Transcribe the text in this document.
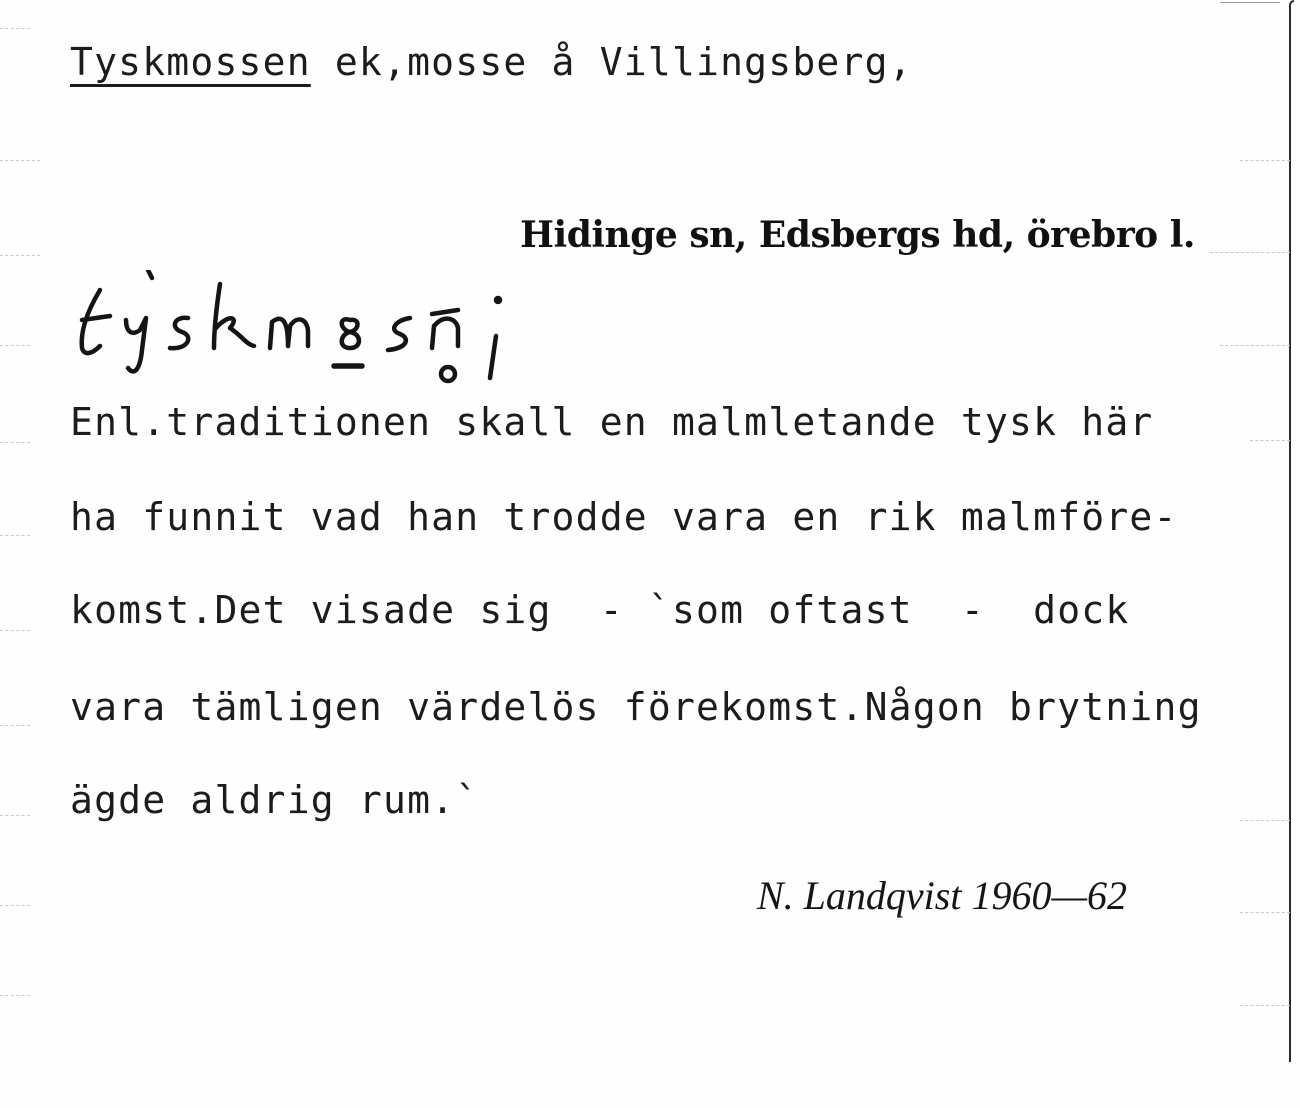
Tyskmossen ek,mosse å Villingsberg,
Hidinge sn, Edsbergs hd, örebro l.
Enl.traditionen skall en malmletande tysk här
ha funnit vad han trodde vara en rik malmföre-
komst.Det visade sig  - `som oftast  -  dock
vara tämligen värdelös förekomst.Någon brytning
ägde aldrig rum.`
N. Landqvist 1960—62
